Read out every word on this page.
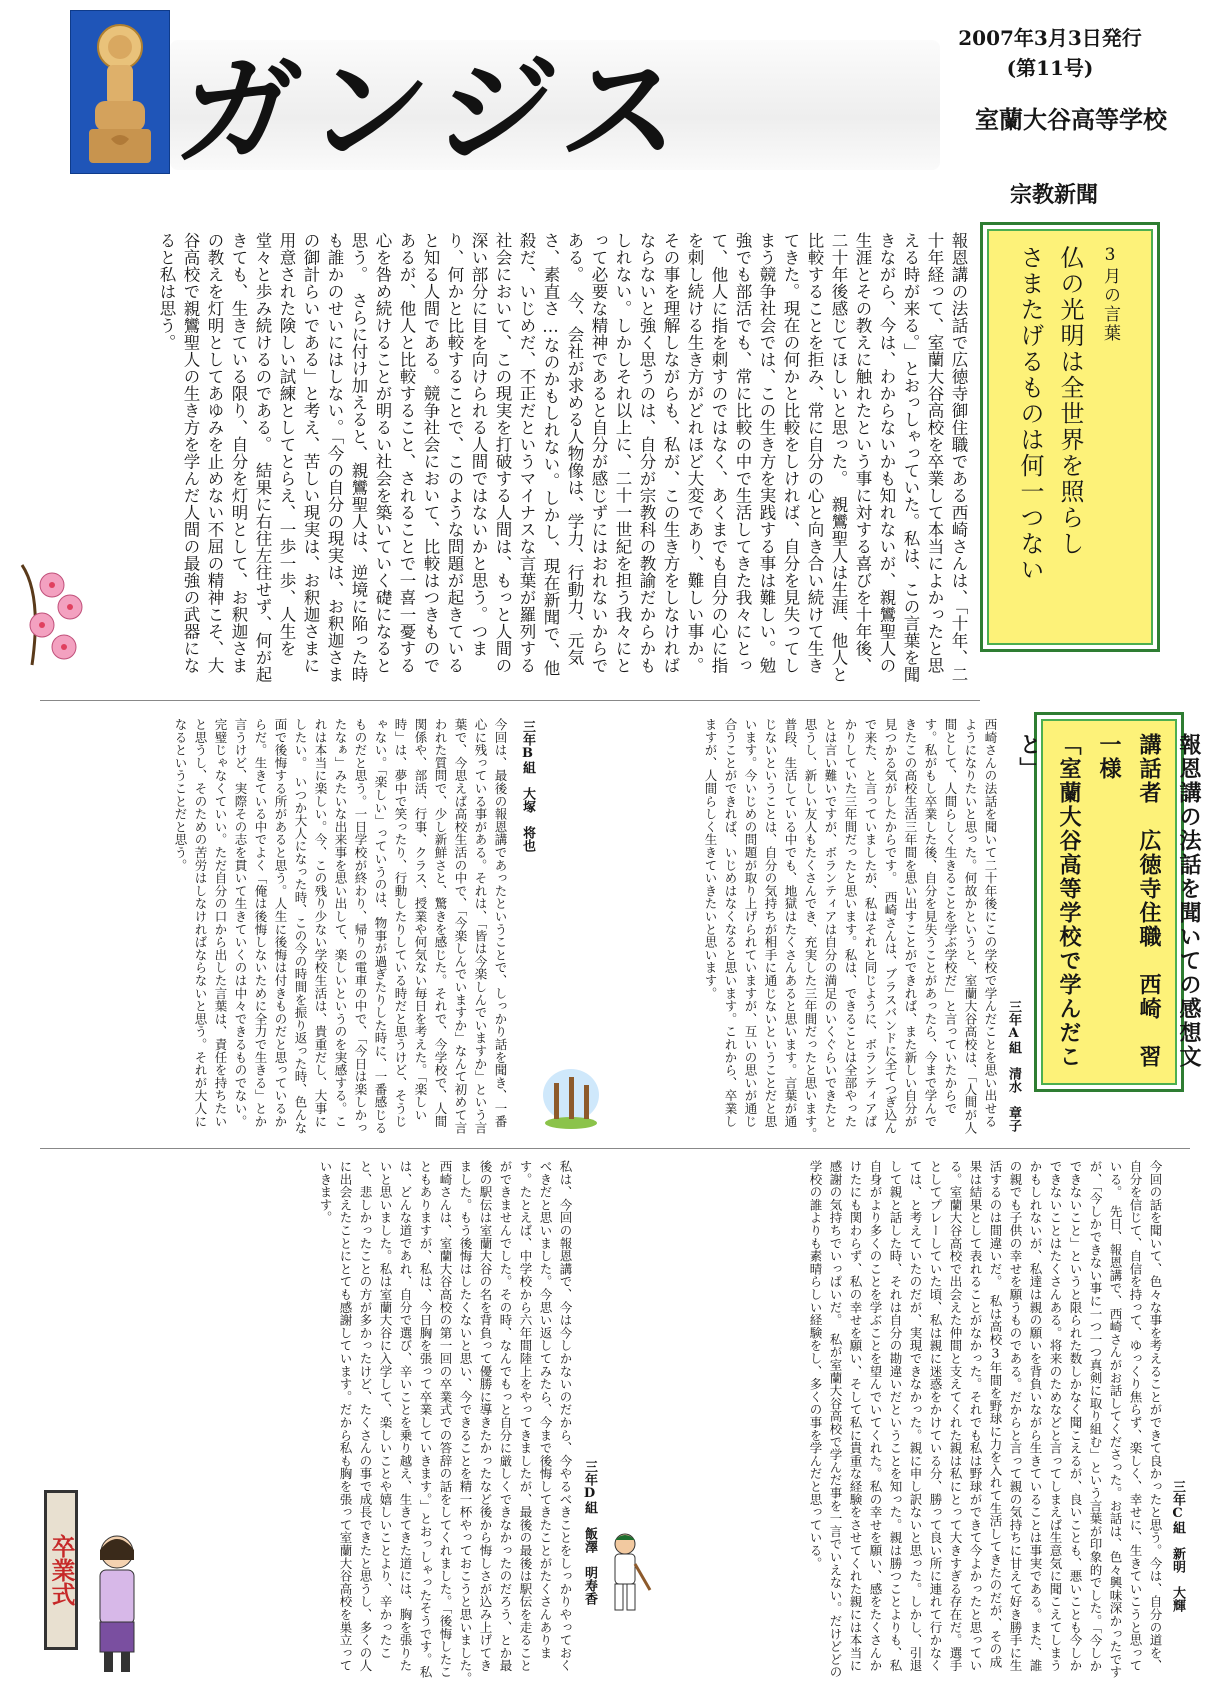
ガンジス
2007年3月3日発行
(第11号)
室蘭大谷高等学校
宗教新聞
3月の言葉
仏の光明は全世界を照らし
さまたげるものは何一つない
報恩講の法話で広徳寺御住職である西崎さんは、「十年、二十年経って、室蘭大谷高校を卒業して本当によかったと思える時が来る。」とおっしゃっていた。私は、この言葉を聞きながら、今は、わからないかも知れないが、親鸞聖人の生涯とその教えに触れたという事に対する喜びを十年後、二十年後感じてほしいと思った。　親鸞聖人は生涯、他人と比較することを拒み、常に自分の心と向き合い続けて生きてきた。現在の何かと比較をしければ、自分を見失ってしまう競争社会では、この生き方を実践する事は難しい。勉強でも部活でも、常に比較の中で生活してきた我々にとって、他人に指を刺すのではなく、あくまでも自分の心に指を刺し続ける生き方がどれほど大変であり、難しい事か。その事を理解しながらも、私が、この生き方をしなければならないと強く思うのは、自分が宗教科の教諭だからかもしれない。しかしそれ以上に、二十一世紀を担う我々にとって必要な精神であると自分が感じずにはおれないからである。　今、会社が求める人物像は、学力、行動力、元気さ、素直さ…なのかもしれない。しかし、現在新聞で、他殺だ、いじめだ、不正だというマイナスな言葉が羅列する社会において、この現実を打破する人間は、もっと人間の深い部分に目を向けられる人間ではないかと思う。つまり、何かと比較することで、このような問題が起きていると知る人間である。競争社会において、比較はつきものであるが、他人と比較すること、されることで一喜一憂する心を咎め続けることが明るい社会を築いていく礎になると思う。　さらに付け加えると、親鸞聖人は、逆境に陥った時も誰かのせいにはしない。「今の自分の現実は、お釈迦さまの御計らいである」と考え、苦しい現実は、お釈迦さまに用意された険しい試練としてとらえ、一歩一歩、人生を堂々と歩み続けるのである。　結果に右往左往せず、何が起きても、生きている限り、自分を灯明として、お釈迦さまの教えを灯明としてあゆみを止めない不屈の精神こそ、大谷高校で親鸞聖人の生き方を学んだ人間の最強の武器になると私は思う。
報恩講の法話を聞いての感想文
講話者　広徳寺住職　西崎　習一様
「室蘭大谷高等学校で学んだこと」
三年A組　清水　章子
西崎さんの法話を聞いて二十年後にこの学校で学んだことを思い出せるようになりたいと思った。何故かというと、室蘭大谷高校は、「人間が人間として、人間らしく生きることを学ぶ学校だ」と言っていたからです。私がもし卒業した後、自分を見失うことがあったら、今まで学んできたこの高校生活三年間を思い出すことができれば、また新しい自分が見つかる気がしたからです。　西崎さんは、ブラスバンドに全てつぎ込んで来た、と言っていましたが、私はそれと同じように、ボランティアばかりしていた三年間だったと思います。私は、できることは全部やったとは言い難いですが、ボランティアは自分の満足のいくぐらいできたと思うし、新しい友人もたくさんでき、充実した三年間だったと思います。　普段、生活している中でも、地獄はたくさんあると思います。言葉が通じないということは、自分の気持ちが相手に通じないということだと思います。今いじめの問題が取り上げられていますが、互いの思いが通じ合うことができれば、いじめはなくなると思います。これから、卒業しますが、人間らしく生きていきたいと思います。
三年B組　大塚　将也
今回は、最後の報恩講であったということで、しっかり話を聞き、一番心に残っている事がある。それは、「皆は今楽しんでいますか」という言葉で、今思えば高校生活の中で、「今楽しんでいますか」なんて初めて言われた質問で、少し新鮮さと、驚きを感じた。それで、今学校で、人間関係や、部活、行事、クラス、授業や何気ない毎日を考えた。「楽しい時」は、夢中で笑ったり、行動したりしている時だと思うけど、そうじゃない。「楽しい」っていうのは、物事が過ぎたりした時に、一番感じるものだと思う。一日学校が終わり、帰りの電車の中で、「今日は楽しかったなぁ」みたいな出来事を思い出して、楽しいというのを実感する。これは本当に楽しい。今、この残り少ない学校生活は、貴重だし、大事にしたい。　いつか大人になった時、この今の時間を振り返った時、色んな面で後悔する所があると思う。人生に後悔は付きものだと思っているからだ。生きている中でよく「俺は後悔しないために全力で生きる」とか言うけど、実際その志を貫いて生きていくのは中々できるものでない。完璧じゃなくていい。ただ自分の口から出した言葉は、責任を持ちたいと思うし、そのための苦労はしなければならないと思う。それが大人になるということだと思う。
三年C組　新明　大輝
今回の話を聞いて、色々な事を考えることができて良かったと思う。今は、自分の道を、自分を信じて、自信を持って、ゆっくり焦らず、楽しく、幸せに、生きていこうと思っている。　先日、報恩講で、西崎さんがお話してくださった。お話は、色々興味深かったですが、「今しかできない事に一つ一つ真剣に取り組む」という言葉が印象的でした。「今しかできないこと」というと限られた数しかなく聞こえるが、良いことも、悪いことも今しかできないことはたくさんある。将来のためなどと言ってしまえば生意気に聞こえてしまうかもしれないが、私達は親の願いを背負いながら生きていることは事実である。また、誰の親でも子供の幸せを願うものである。だからと言って親の気持ちに甘えて好き勝手に生活するのは間違いだ。　私は高校3年間を野球に力を入れて生活してきたのだが、その成果は結果として表れることがなかった。それでも私は野球ができて今よかったと思っている。室蘭大谷高校で出会えた仲間と支えてくれた親は私にとって大きすぎる存在だ。選手としてプレーしていた頃、私は親に迷惑をかけている分、勝って良い所に連れて行かなくては、と考えていたのだが、実現できなかった。親に申し訳ないと思った。しかし、引退して親と話した時、それは自分の勘違いだということを知った。親は勝つことよりも、私自身がより多くのことを学ぶことを望んでいてくれた。私の幸せを願い、感をたくさんかけたにも関わらず、私の幸せを願い、そして私に貴重な経験をさせてくれた親には本当に感謝の気持ちでいっぱいだ。　私が室蘭大谷高校で学んだ事を一言でいえない。だけどどの学校の誰よりも素晴らしい経験をし、多くの事を学んだと思っている。
三年D組　飯澤　明寿香
私は、今回の報恩講で、今は今しかないのだから、今やるべきことをしっかりやっておくべきだと思いました。今思い返してみたら、今まで後悔してきたことがたくさんあります。たとえば、中学校から六年間陸上をやってきましたが、最後の最後は駅伝を走ることができませんでした。その時、なんでもっと自分に厳しくできなかったのだろう、とか最後の駅伝は室蘭大谷の名を背負って優勝に導きたかったなど後から悔しさが込み上げてきました。もう後悔はしたくないと思い、今できることを精一杯やっておこうと思いました。　西崎さんは、室蘭大谷高校の第一回の卒業式での答辞の話をしてくれました。「後悔したこともありますが、私は、今日胸を張って卒業していきます。」とおっしゃったそうです。私は、どんな道であれ、自分で選び、辛いことを乗り越え、生きてきた道には、胸を張りたいと思いました。私は室蘭大谷に入学して、楽しいことや嬉しいことより、辛かったこと、悲しかったことの方が多かったけど、たくさんの事で成長できたと思うし、多くの人に出会えたことにとても感謝しています。だから私も胸を張って室蘭大谷高校を巣立っていきます。
卒業式
